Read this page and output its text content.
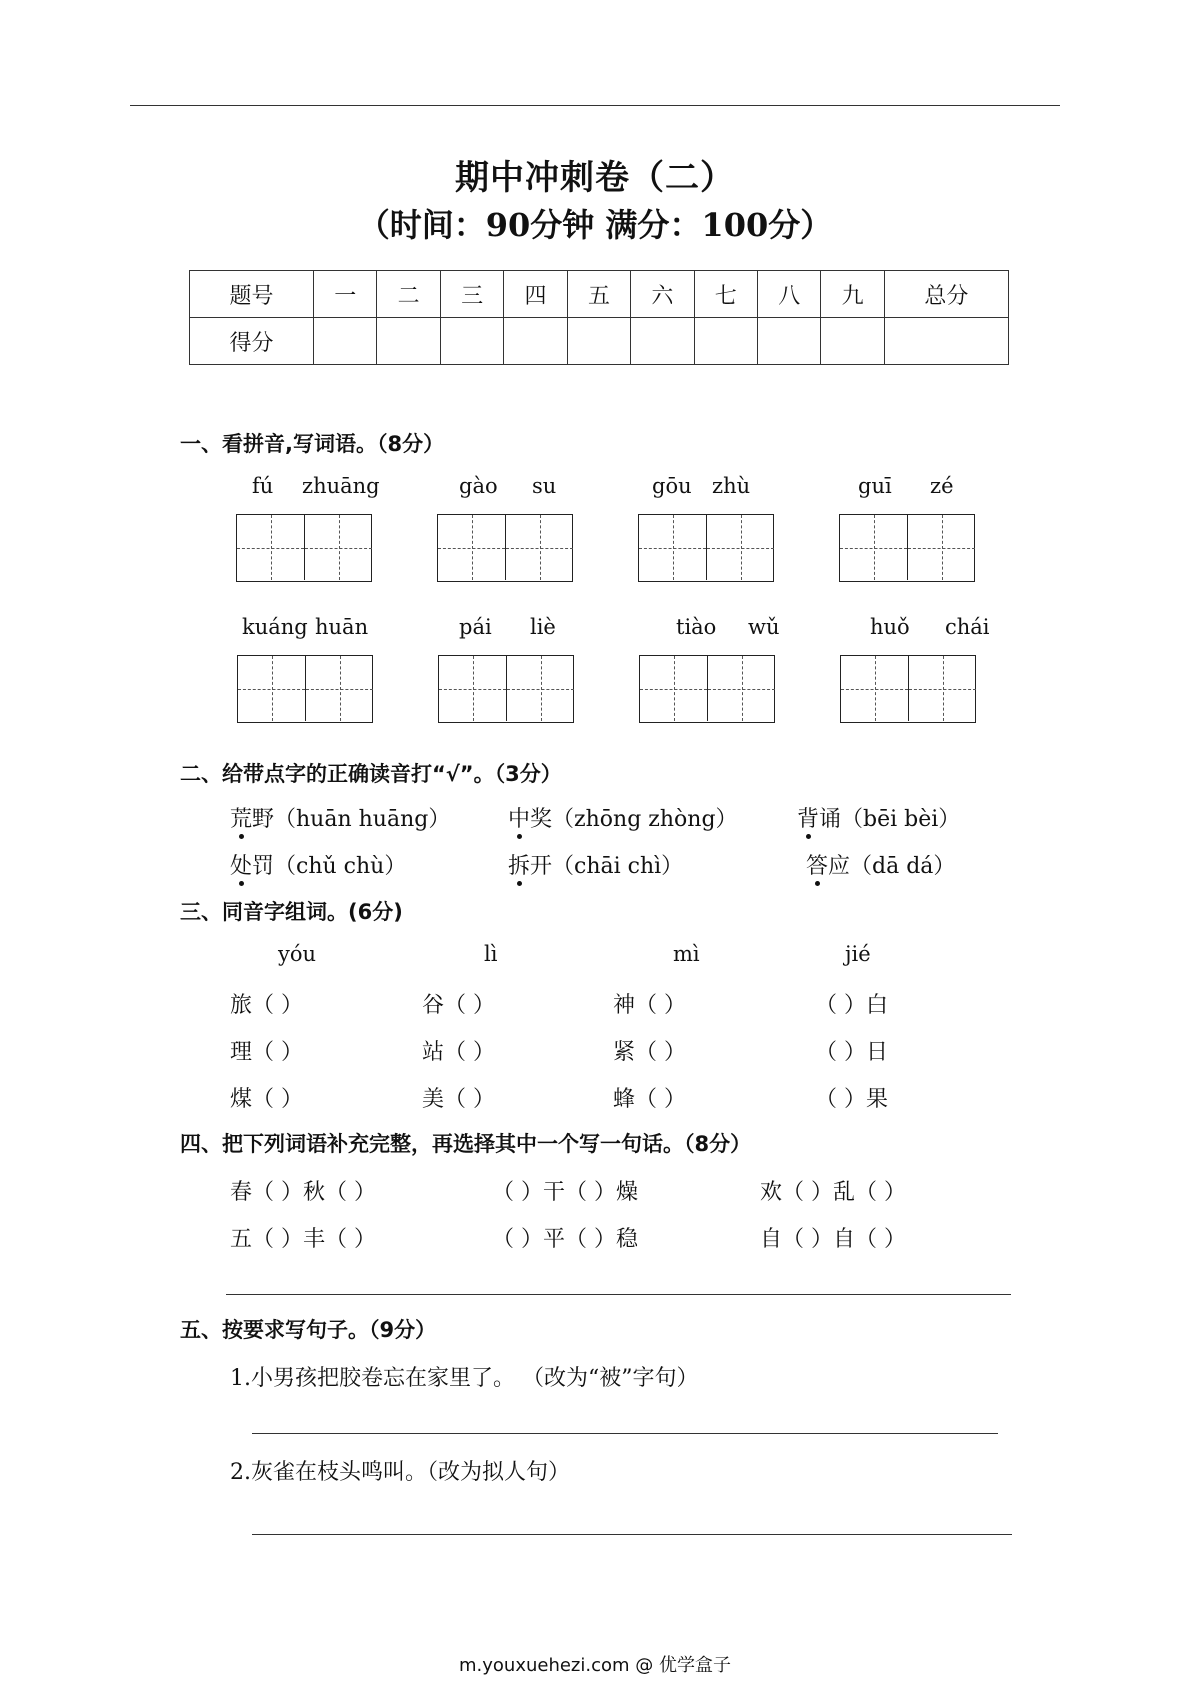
期中冲刺卷（二）
（时间：90分钟 满分：100分）
题号	一	二	三	四	五	六	七	八	九	总分
得分										
一、看拼音,写词语。（8分）
fú zhuāng	gào su	gōu zhù	guī zé
kuáng huān	pái liè	tiào wǔ	huǒ chái
二、给带点字的正确读音打“√”。（3分）
荒野（huān huāng）	中奖（zhōng zhòng）	背诵（bēi bèi）
处罚（chǔ chù）	拆开（chāi chì）	答应（dā dá）
三、同音字组词。(6分)
yóu	lì	mì	jié
旅（ ）	谷（ ）	神（ ）	（ ）白
理（ ）	站（ ）	紧（ ）	（ ）日
煤（ ）	美（ ）	蜂（ ）	（ ）果
四、把下列词语补充完整，再选择其中一个写一句话。（8分）
春（ ）秋（ ）	（ ）干（ ）燥	欢（ ）乱（ ）
五（ ）丰（ ）	（ ）平（ ）稳	自（ ）自（ ）
五、按要求写句子。（9分）
1.小男孩把胶卷忘在家里了。 （改为“被”字句）
2.灰雀在枝头鸣叫。（改为拟人句）
m.youxuehezi.com @ 优学盒子
